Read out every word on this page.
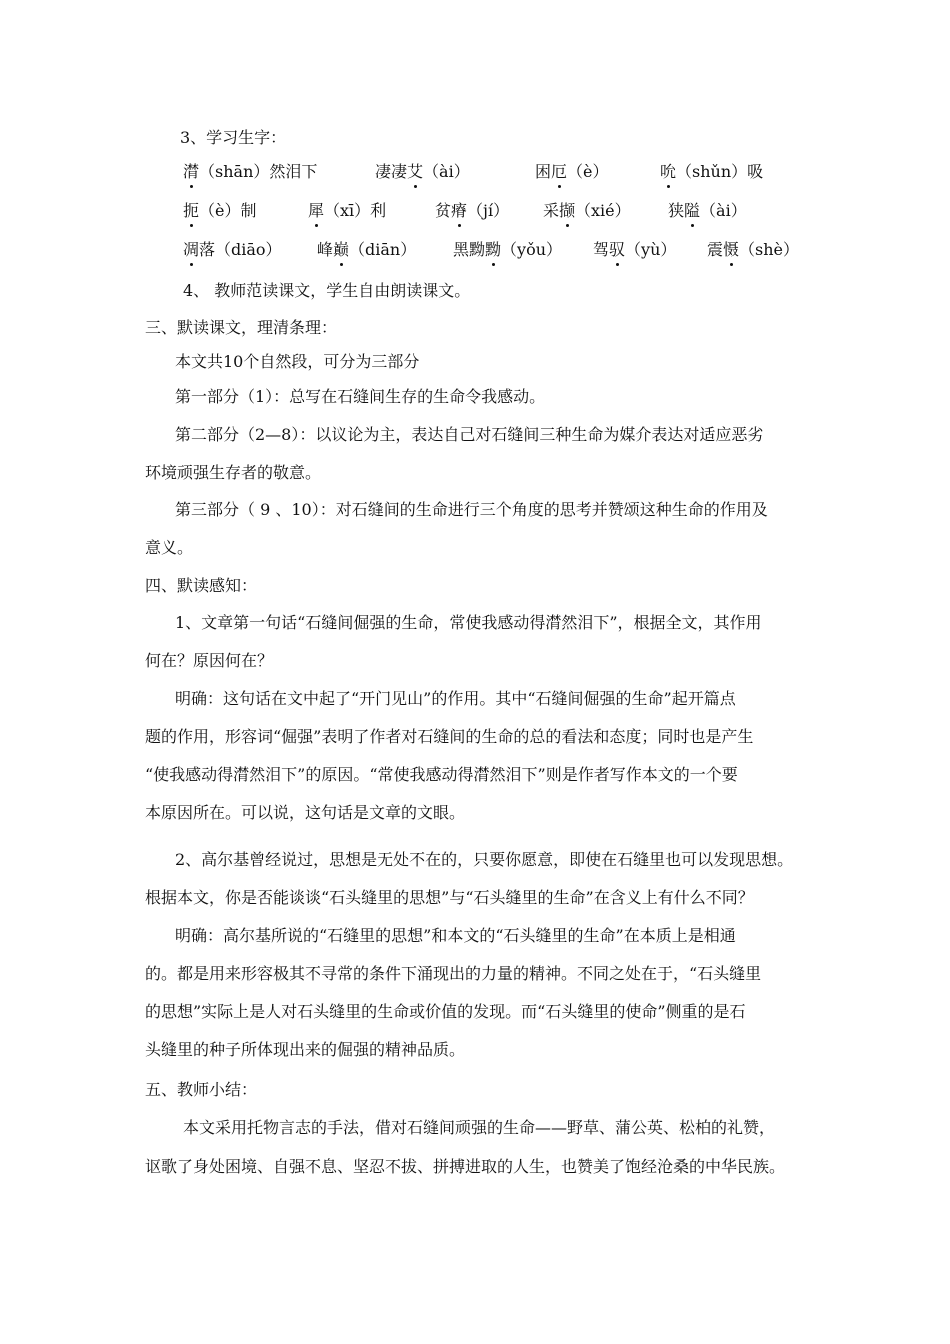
3、学习生字：
潸（shān）然泪下	凄凄艾（ài）	困厄（è）	吮（shǔn）吸
扼（è）制	犀（xī）利	贫瘠（jí） 采撷（xié） 狭隘（ài）
凋落（diāo） 峰巅（diān） 黑黝黝（yǒu） 驾驭（yù） 震慑（shè）
4、 教师范读课文，学生自由朗读课文。
三、默读课文，理清条理：
本文共10个自然段，可分为三部分
第一部分（1）：总写在石缝间生存的生命令我感动。
第二部分（2—8）：以议论为主，表达自己对石缝间三种生命为媒介表达对适应恶劣
环境顽强生存者的敬意。
第三部分（ 9 、10）：对石缝间的生命进行三个角度的思考并赞颂这种生命的作用及
意义。
四、默读感知：
1、文章第一句话“石缝间倔强的生命，常使我感动得潸然泪下”，根据全文，其作用
何在？原因何在？
明确：这句话在文中起了“开门见山”的作用。其中“石缝间倔强的生命”起开篇点
题的作用，形容词“倔强”表明了作者对石缝间的生命的总的看法和态度；同时也是产生
“使我感动得潸然泪下”的原因。“常使我感动得潸然泪下”则是作者写作本文的一个要
本原因所在。可以说，这句话是文章的文眼。
2、高尔基曾经说过，思想是无处不在的，只要你愿意，即使在石缝里也可以发现思想。
根据本文，你是否能谈谈“石头缝里的思想”与“石头缝里的生命”在含义上有什么不同？
明确：高尔基所说的“石缝里的思想”和本文的“石头缝里的生命”在本质上是相通
的。都是用来形容极其不寻常的条件下涌现出的力量的精神。不同之处在于，“石头缝里
的思想”实际上是人对石头缝里的生命或价值的发现。而“石头缝里的使命”侧重的是石
头缝里的种子所体现出来的倔强的精神品质。
五、教师小结：
本文采用托物言志的手法，借对石缝间顽强的生命——野草、蒲公英、松柏的礼赞，
讴歌了身处困境、自强不息、坚忍不拔、拼搏进取的人生，也赞美了饱经沧桑的中华民族。
